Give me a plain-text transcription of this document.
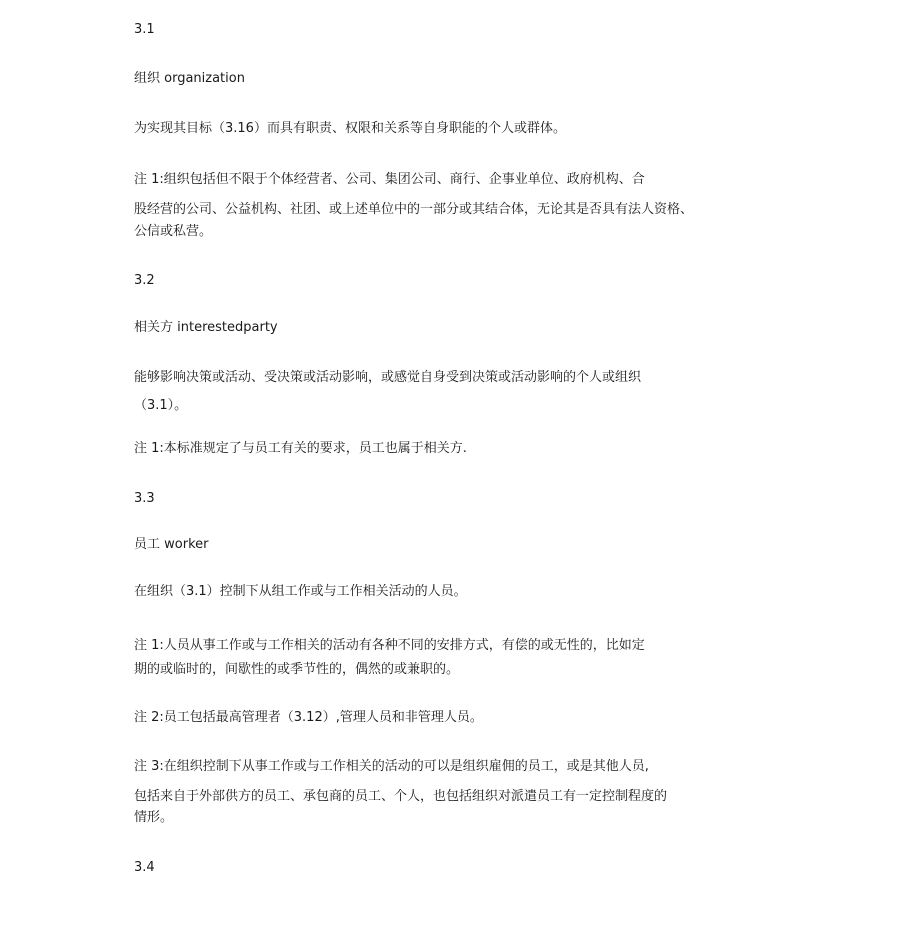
3.1
组织 organization
为实现其目标（3.16）而具有职责、权限和关系等自身职能的个人或群体。
注 1:组织包括但不限于个体经营者、公司、集团公司、商行、企事业单位、政府机构、合
股经营的公司、公益机构、社团、或上述单位中的一部分或其结合体，无论其是否具有法人资格、
公信或私营。
3.2
相关方 interestedparty
能够影响决策或活动、受决策或活动影响，或感觉自身受到决策或活动影响的个人或组织
（3.1）。
注 1:本标准规定了与员工有关的要求，员工也属于相关方.
3.3
员工 worker
在组织（3.1）控制下从组工作或与工作相关活动的人员。
注 1:人员从事工作或与工作相关的活动有各种不同的安排方式，有偿的或无性的，比如定
期的或临时的，间歇性的或季节性的，偶然的或兼职的。
注 2:员工包括最高管理者（3.12）,管理人员和非管理人员。
注 3:在组织控制下从事工作或与工作相关的活动的可以是组织雇佣的员工，或是其他人员,
包括来自于外部供方的员工、承包商的员工、个人，也包括组织对派遣员工有一定控制程度的
情形。
3.4
